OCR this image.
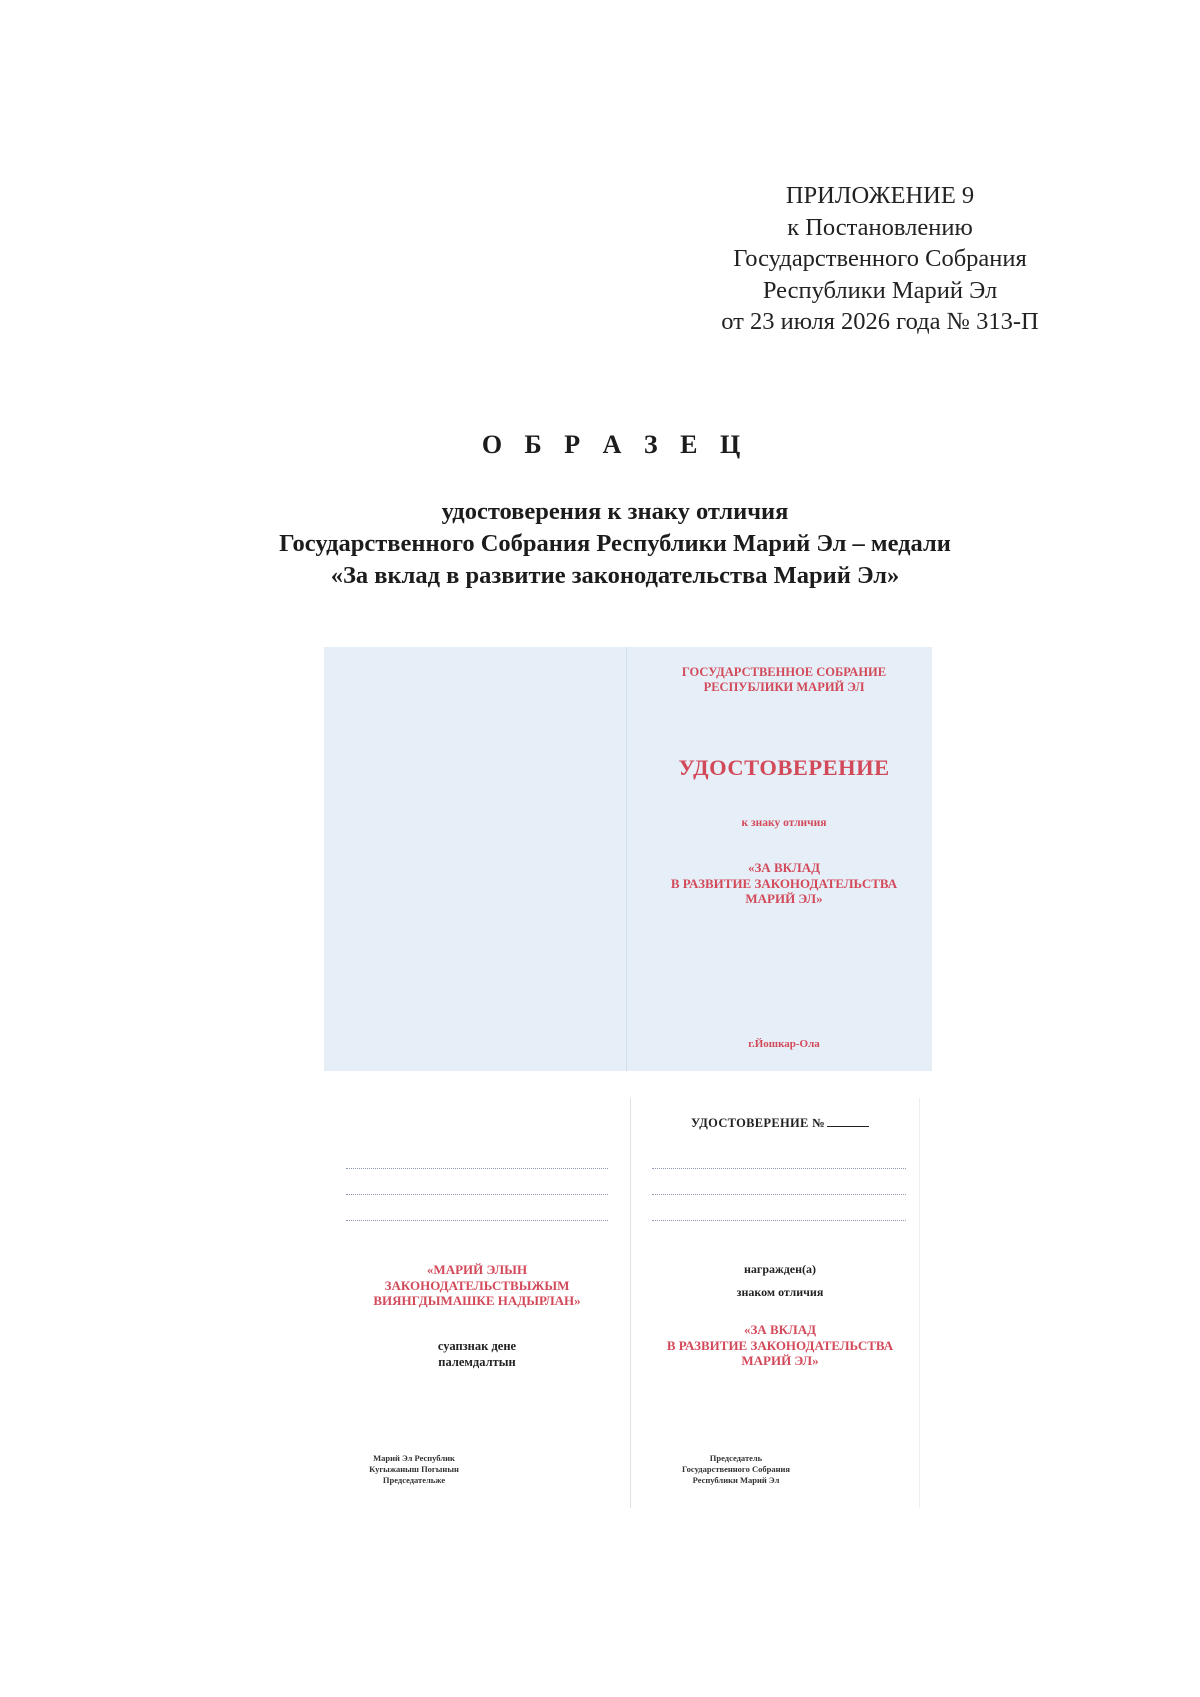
ПРИЛОЖЕНИЕ 9
к Постановлению
Государственного Собрания
Республики Марий Эл
от 23 июля 2026 года № 313-П
О Б Р А З Е Ц
удостоверения к знаку отличия
Государственного Собрания Республики Марий Эл – медали
«За вклад в развитие законодательства Марий Эл»
ГОСУДАРСТВЕННОЕ СОБРАНИЕ
РЕСПУБЛИКИ МАРИЙ ЭЛ
УДОСТОВЕРЕНИЕ
к знаку отличия
«ЗА ВКЛАД
В РАЗВИТИЕ ЗАКОНОДАТЕЛЬСТВА
МАРИЙ ЭЛ»
г.Йошкар-Ола
УДОСТОВЕРЕНИЕ №
«МАРИЙ ЭЛЫН
ЗАКОНОДАТЕЛЬСТВЫЖЫМ
ВИЯНГДЫМАШКЕ НАДЫРЛАН»
суапзнак дене
палемдалтын
награжден(а)
знаком отличия
«ЗА ВКЛАД
В РАЗВИТИЕ ЗАКОНОДАТЕЛЬСТВА
МАРИЙ ЭЛ»
Марий Эл Республик
Кугыжаныш Погынын
Председательже
Председатель
Государственного Собрания
Республики Марий Эл
